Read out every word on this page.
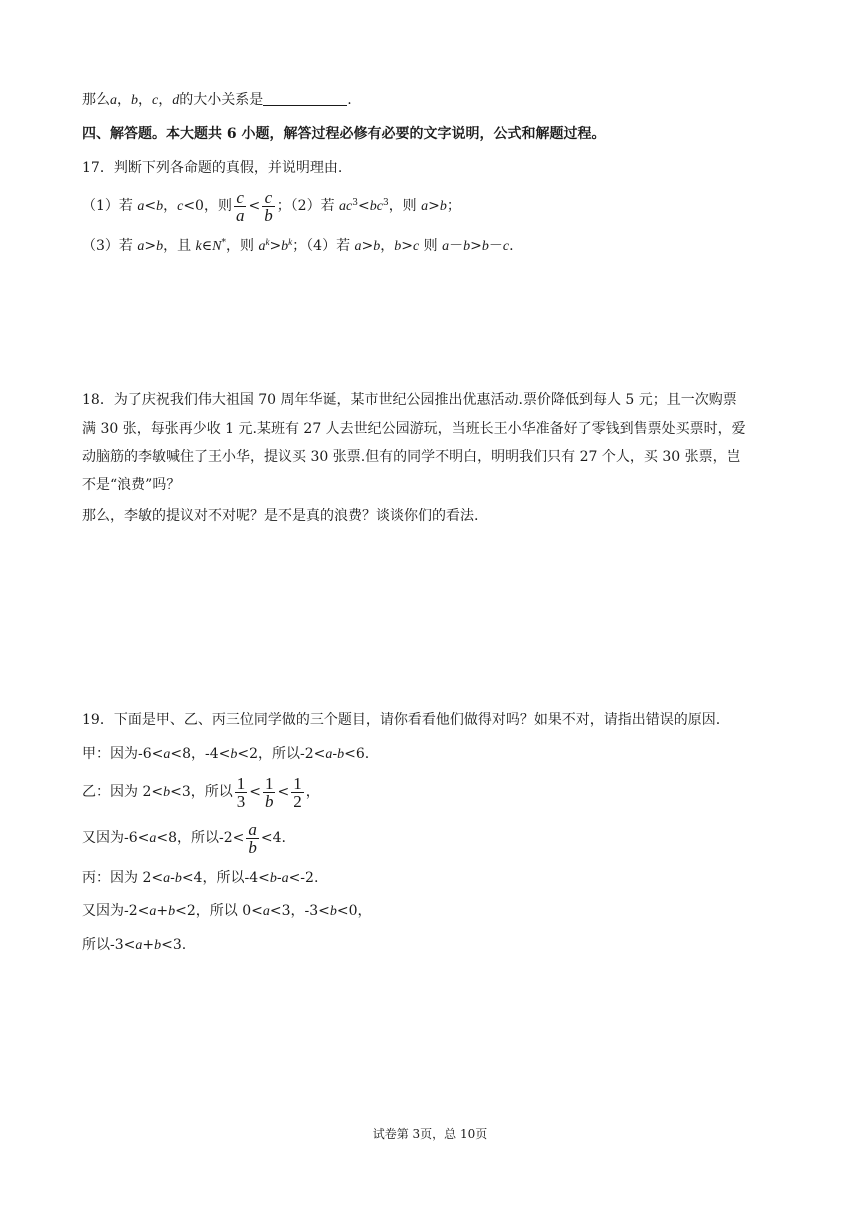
那么a，b，c，d的大小关系是	.
四、解答题。本大题共 6 小题，解答过程必修有必要的文字说明，公式和解题过程。
17．判断下列各命题的真假，并说明理由.
（1）若 a<b，c<0，则 $\frac{c}{a} < \frac{c}{b}$ ；（2）若 $ac^3<bc^3$，则 a>b；
（3）若 a>b，且 k∈N*，则 $a^k>b^k$；（4）若 a>b，b>c 则 a－b>b－c.
18．为了庆祝我们伟大祖国 70 周年华诞，某市世纪公园推出优惠活动.票价降低到每人 5 元；且一次购票
满 30 张，每张再少收 1 元.某班有 27 人去世纪公园游玩，当班长王小华准备好了零钱到售票处买票时，爱
动脑筋的李敏喊住了王小华，提议买 30 张票.但有的同学不明白，明明我们只有 27 个人，买 30 张票，岂
不是“浪费”吗？
那么，李敏的提议对不对呢？是不是真的浪费？谈谈你们的看法.
19．下面是甲、乙、丙三位同学做的三个题目，请你看看他们做得对吗？如果不对，请指出错误的原因.
甲：因为-6<a<8，-4<b<2，所以-2<a-b<6.
乙：因为 2<b<3，所以 $\frac{1}{3} < \frac{1}{b} < \frac{1}{2}$ ，
又因为-6<a<8，所以$-2< \frac{a}{b} <4$.
丙：因为 2<a-b<4，所以-4<b-a<-2.
又因为-2<a+b<2，所以 0<a<3，-3<b<0，
所以-3<a+b<3.
试卷第 3页，总 10页
